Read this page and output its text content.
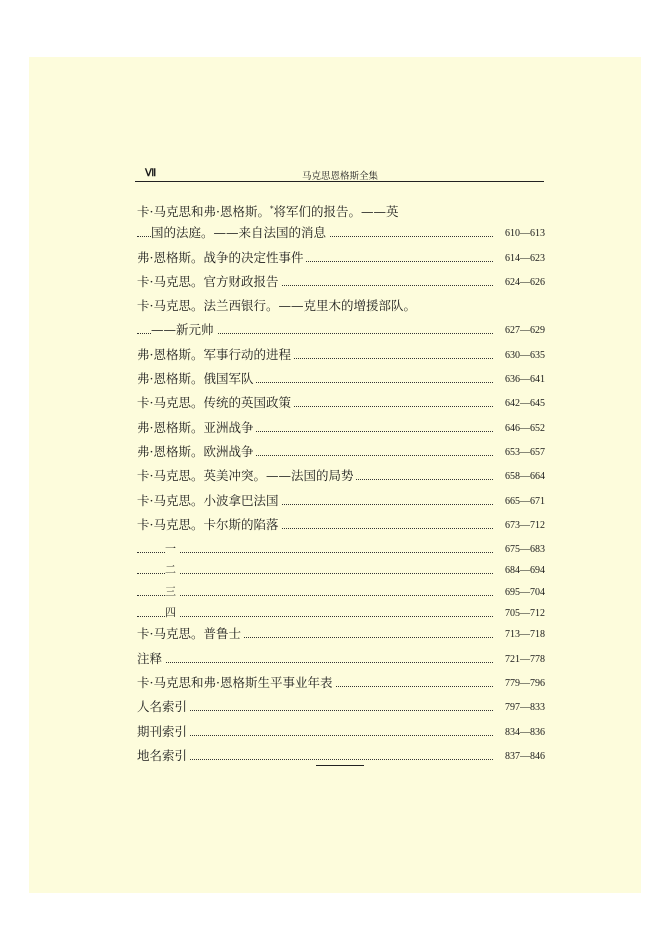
Ⅶ	马克思恩格斯全集
卡·马克思和弗·恩格斯。*将军们的报告。——英
国的法庭。——来自法国的消息	610—613
弗·恩格斯。战争的决定性事件	614—623
卡·马克思。官方财政报告	624—626
卡·马克思。法兰西银行。——克里木的增援部队。
——新元帅	627—629
弗·恩格斯。军事行动的进程	630—635
弗·恩格斯。俄国军队	636—641
卡·马克思。传统的英国政策	642—645
弗·恩格斯。亚洲战争	646—652
弗·恩格斯。欧洲战争	653—657
卡·马克思。英美冲突。——法国的局势	658—664
卡·马克思。小波拿巴法国	665—671
卡·马克思。卡尔斯的陷落	673—712
一	675—683
二	684—694
三	695—704
四	705—712
卡·马克思。普鲁士	713—718
注释	721—778
卡·马克思和弗·恩格斯生平事业年表	779—796
人名索引	797—833
期刊索引	834—836
地名索引	837—846
